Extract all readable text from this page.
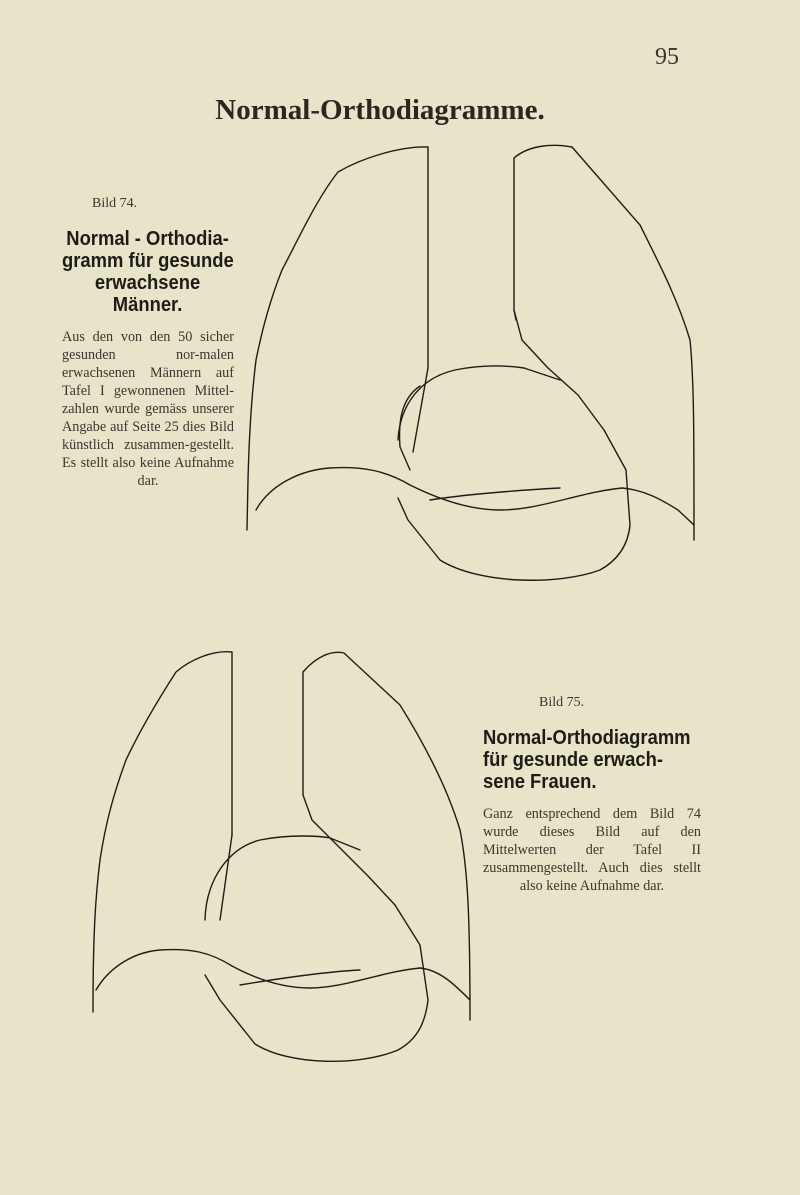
95
Normal-Orthodiagramme.
Bild 74.
Normal - Orthodia-
gramm für gesunde
erwachsene
Männer.
Aus den von den 50 sicher gesunden nor-malen erwachsenen Männern auf Tafel I gewonnenen Mittel-zahlen wurde gemäss unserer Angabe auf Seite 25 dies Bild künstlich zusammen-gestellt. Es stellt also keine Aufnahme dar.
Bild 75.
Normal-Orthodiagramm
für gesunde erwach-
sene Frauen.
Ganz entsprechend dem Bild 74 wurde dieses Bild auf den Mittelwerten der Tafel II zusammengestellt. Auch dies stellt also keine Aufnahme dar.
